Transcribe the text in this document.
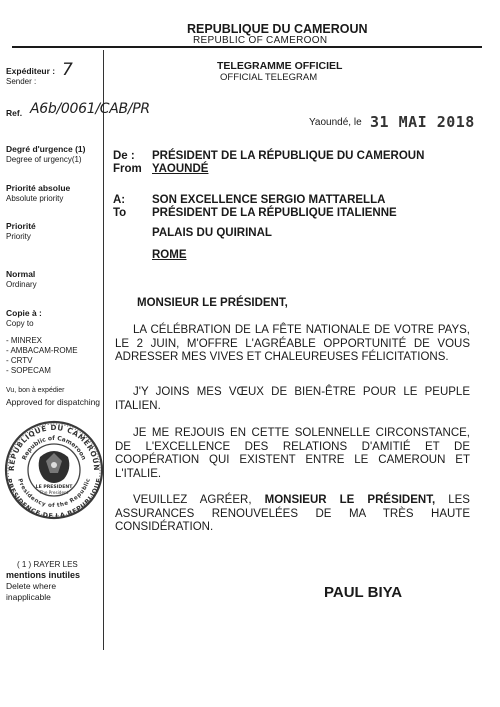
REPUBLIQUE DU CAMEROUN
REPUBLIC OF CAMEROON
TELEGRAMME OFFICIEL
OFFICIAL TELEGRAM
Expéditeur :
Sender :
7
Ref. A6b/0061/CAB/PR
Degré d'urgence (1)
Degree of urgency(1)
Priorité absolue
Absolute priority
Priorité
Priority
Normal
Ordinary
Copie à :
Copy to
- MINREX
- AMBACAM-ROME
- CRTV
- SOPECAM
Vu, bon à expédier
Approved for dispatching
REPUBLIQUE DU CAMEROUN
Republic of Cameroon
PRESIDENCE DE LA REPUBLIQUE
Presidency of the Republic
LE PRESIDENT
The President
( 1 ) RAYER LES
mentions inutiles
Delete where
inapplicable
Yaoundé, le 31 MAI 2018
De :
From
PRÉSIDENT DE LA RÉPUBLIQUE DU CAMEROUN
YAOUNDÉ
A:
To
SON EXCELLENCE SERGIO MATTARELLA
PRÉSIDENT DE LA RÉPUBLIQUE ITALIENNE
PALAIS DU QUIRINAL
ROME
MONSIEUR LE PRÉSIDENT,
LA CÉLÉBRATION DE LA FÊTE NATIONALE DE VOTRE PAYS, LE 2 JUIN, M'OFFRE L'AGRÉABLE OPPORTUNITÉ DE VOUS ADRESSER MES VIVES ET CHALEUREUSES FÉLICITATIONS.
J'Y JOINS MES VŒUX DE BIEN-ÊTRE POUR LE PEUPLE ITALIEN.
JE ME REJOUIS EN CETTE SOLENNELLE CIRCONSTANCE, DE L'EXCELLENCE DES RELATIONS D'AMITIÉ ET DE COOPÉRATION QUI EXISTENT ENTRE LE CAMEROUN ET L'ITALIE.
VEUILLEZ AGRÉER, MONSIEUR LE PRÉSIDENT, LES ASSURANCES RENOUVELÉES DE MA TRÈS HAUTE CONSIDÉRATION.
PAUL BIYA
